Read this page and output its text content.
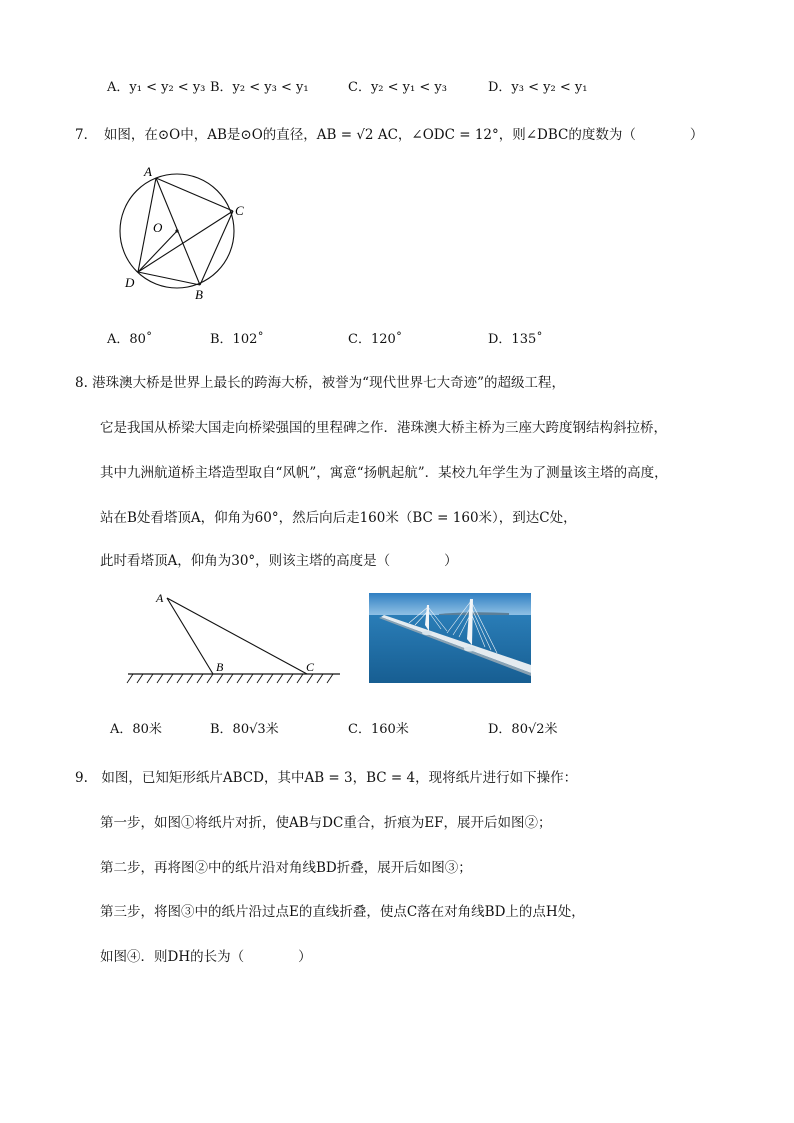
A．y₁ < y₂ < y₃ B．y₂ < y₃ < y₁	C．y₂ < y₁ < y₃	D．y₃ < y₂ < y₁
7．　如图，在⊙O中，AB是⊙O的直径，AB = √2 AC，∠ODC = 12°，则∠DBC的度数为（　　　　）
A
C
O
D
B
A．80˚	B．102˚	C．120˚	D．135˚
8. 港珠澳大桥是世界上最长的跨海大桥，被誉为“现代世界七大奇迹”的超级工程，
它是我国从桥梁大国走向桥梁强国的里程碑之作．港珠澳大桥主桥为三座大跨度钢结构斜拉桥，
其中九洲航道桥主塔造型取自“风帆”，寓意“扬帆起航”．某校九年学生为了测量该主塔的高度，
站在B处看塔顶A，仰角为60°，然后向后走160米（BC = 160米），到达C处，
此时看塔顶A，仰角为30°，则该主塔的高度是（　　　　）
A
B	C
A．80米	B．80√3米	C．160米	D．80√2米
9.　如图，已知矩形纸片ABCD，其中AB = 3，BC = 4，现将纸片进行如下操作：
第一步，如图①将纸片对折，使AB与DC重合，折痕为EF，展开后如图②；
第二步，再将图②中的纸片沿对角线BD折叠，展开后如图③；
第三步，将图③中的纸片沿过点E的直线折叠，使点C落在对角线BD上的点H处，
如图④．则DH的长为（　　　　）
